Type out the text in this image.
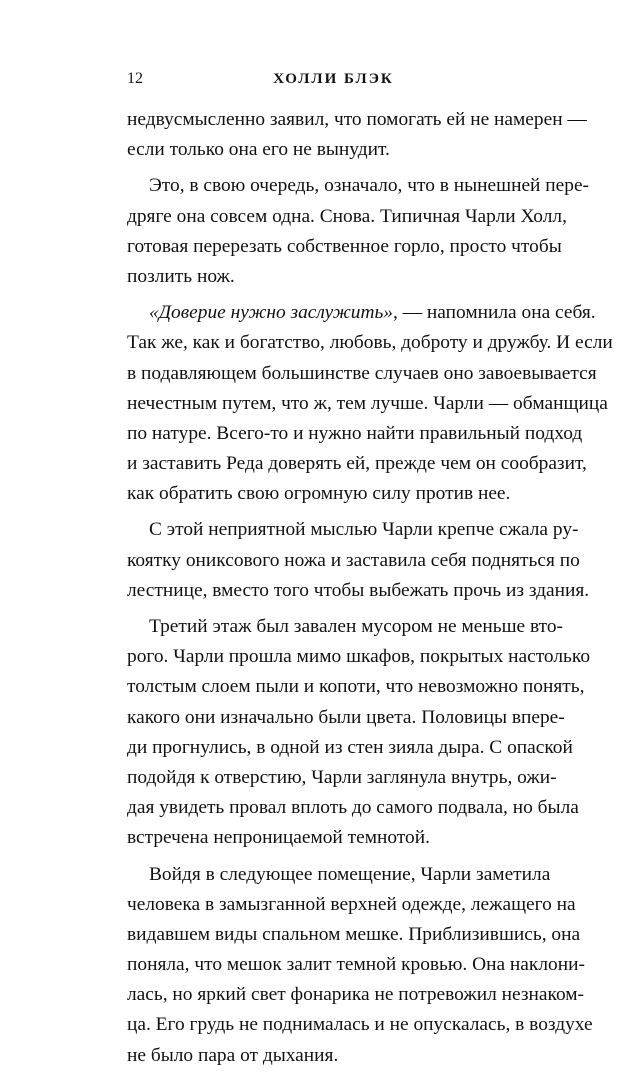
12	ХОЛЛИ БЛЭК
недвусмысленно заявил, что помогать ей не намерен —
если только она его не вынудит.
Это, в свою очередь, означало, что в нынешней пере-
дряге она совсем одна. Снова. Типичная Чарли Холл,
готовая перерезать собственное горло, просто чтобы
позлить нож.
«Доверие нужно заслужить», — напомнила она себя.
Так же, как и богатство, любовь, доброту и дружбу. И если
в подавляющем большинстве случаев оно завоевывается
нечестным путем, что ж, тем лучше. Чарли — обманщица
по натуре. Всего-то и нужно найти правильный подход
и заставить Реда доверять ей, прежде чем он сообразит,
как обратить свою огромную силу против нее.
С этой неприятной мыслью Чарли крепче сжала ру-
коятку ониксового ножа и заставила себя подняться по
лестнице, вместо того чтобы выбежать прочь из здания.
Третий этаж был завален мусором не меньше вто-
рого. Чарли прошла мимо шкафов, покрытых настолько
толстым слоем пыли и копоти, что невозможно понять,
какого они изначально были цвета. Половицы впере-
ди прогнулись, в одной из стен зияла дыра. С опаской
подойдя к отверстию, Чарли заглянула внутрь, ожи-
дая увидеть провал вплоть до самого подвала, но была
встречена непроницаемой темнотой.
Войдя в следующее помещение, Чарли заметила
человека в замызганной верхней одежде, лежащего на
видавшем виды спальном мешке. Приблизившись, она
поняла, что мешок залит темной кровью. Она наклони-
лась, но яркий свет фонарика не потревожил незнаком-
ца. Его грудь не поднималась и не опускалась, в воздухе
не было пара от дыхания.
